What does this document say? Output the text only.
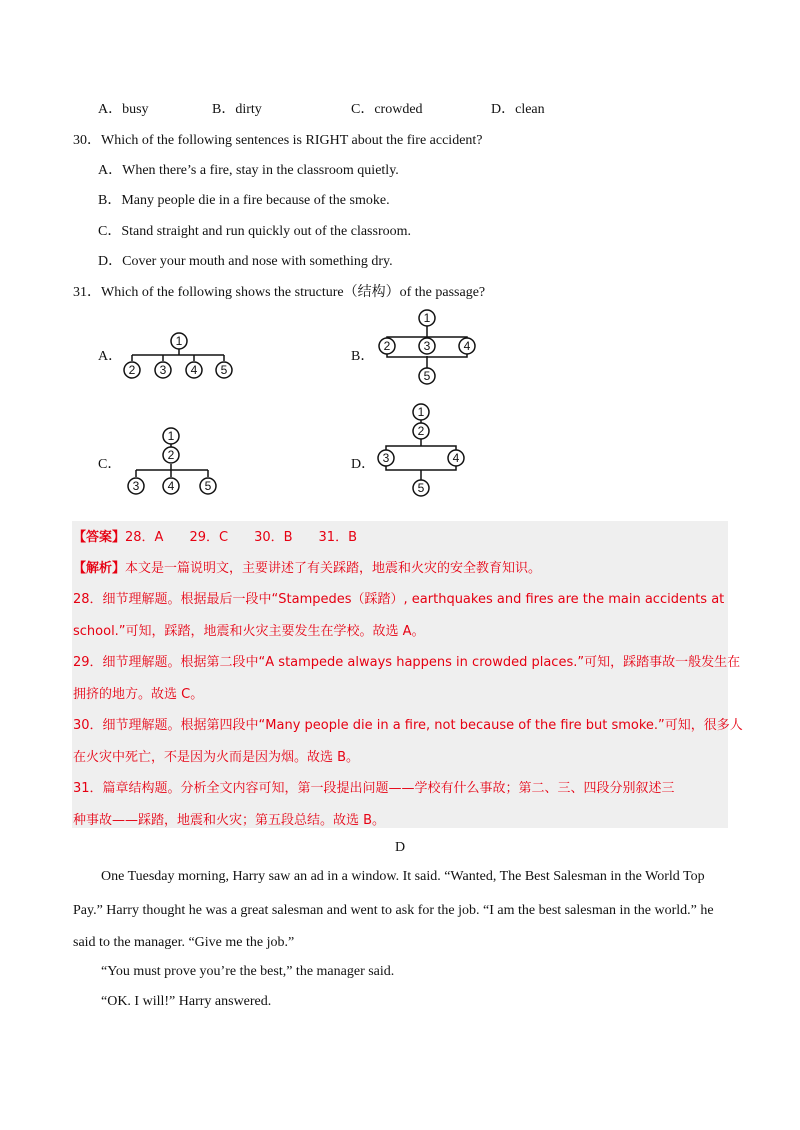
A．busy	B．dirty	C．crowded	D．clean
30．Which of the following sentences is RIGHT about the fire accident?
A．When there’s a fire, stay in the classroom quietly.
B．Many people die in a fire because of the smoke.
C．Stand straight and run quickly out of the classroom.
D．Cover your mouth and nose with something dry.
31．Which of the following shows the structure（结构）of the passage?
A．	B．
C．	D．
1
2 3 4 5
1
2	3	4
5
1
2
3 4	5
1
2
3	4
5
【答案】28．A　　29．C　　30．B　　31．B
【解析】本文是一篇说明文，主要讲述了有关踩踏，地震和火灾的安全教育知识。
28．细节理解题。根据最后一段中“Stampedes（踩踏）, earthquakes and fires are the main accidents at
school.”可知，踩踏，地震和火灾主要发生在学校。故选 A。
29．细节理解题。根据第二段中“A stampede always happens in crowded places.”可知，踩踏事故一般发生在
拥挤的地方。故选 C。
30．细节理解题。根据第四段中“Many people die in a fire, not because of the fire but smoke.”可知，很多人
在火灾中死亡，不是因为火而是因为烟。故选 B。
31．篇章结构题。分析全文内容可知，第一段提出问题——学校有什么事故；第二、三、四段分别叙述三
种事故——踩踏，地震和火灾；第五段总结。故选 B。
D
One Tuesday morning, Harry saw an ad in a window. It said. “Wanted, The Best Salesman in the World Top
Pay.” Harry thought he was a great salesman and went to ask for the job. “I am the best salesman in the world.” he
said to the manager. “Give me the job.”
“You must prove you’re the best,” the manager said.
“OK. I will!” Harry answered.
